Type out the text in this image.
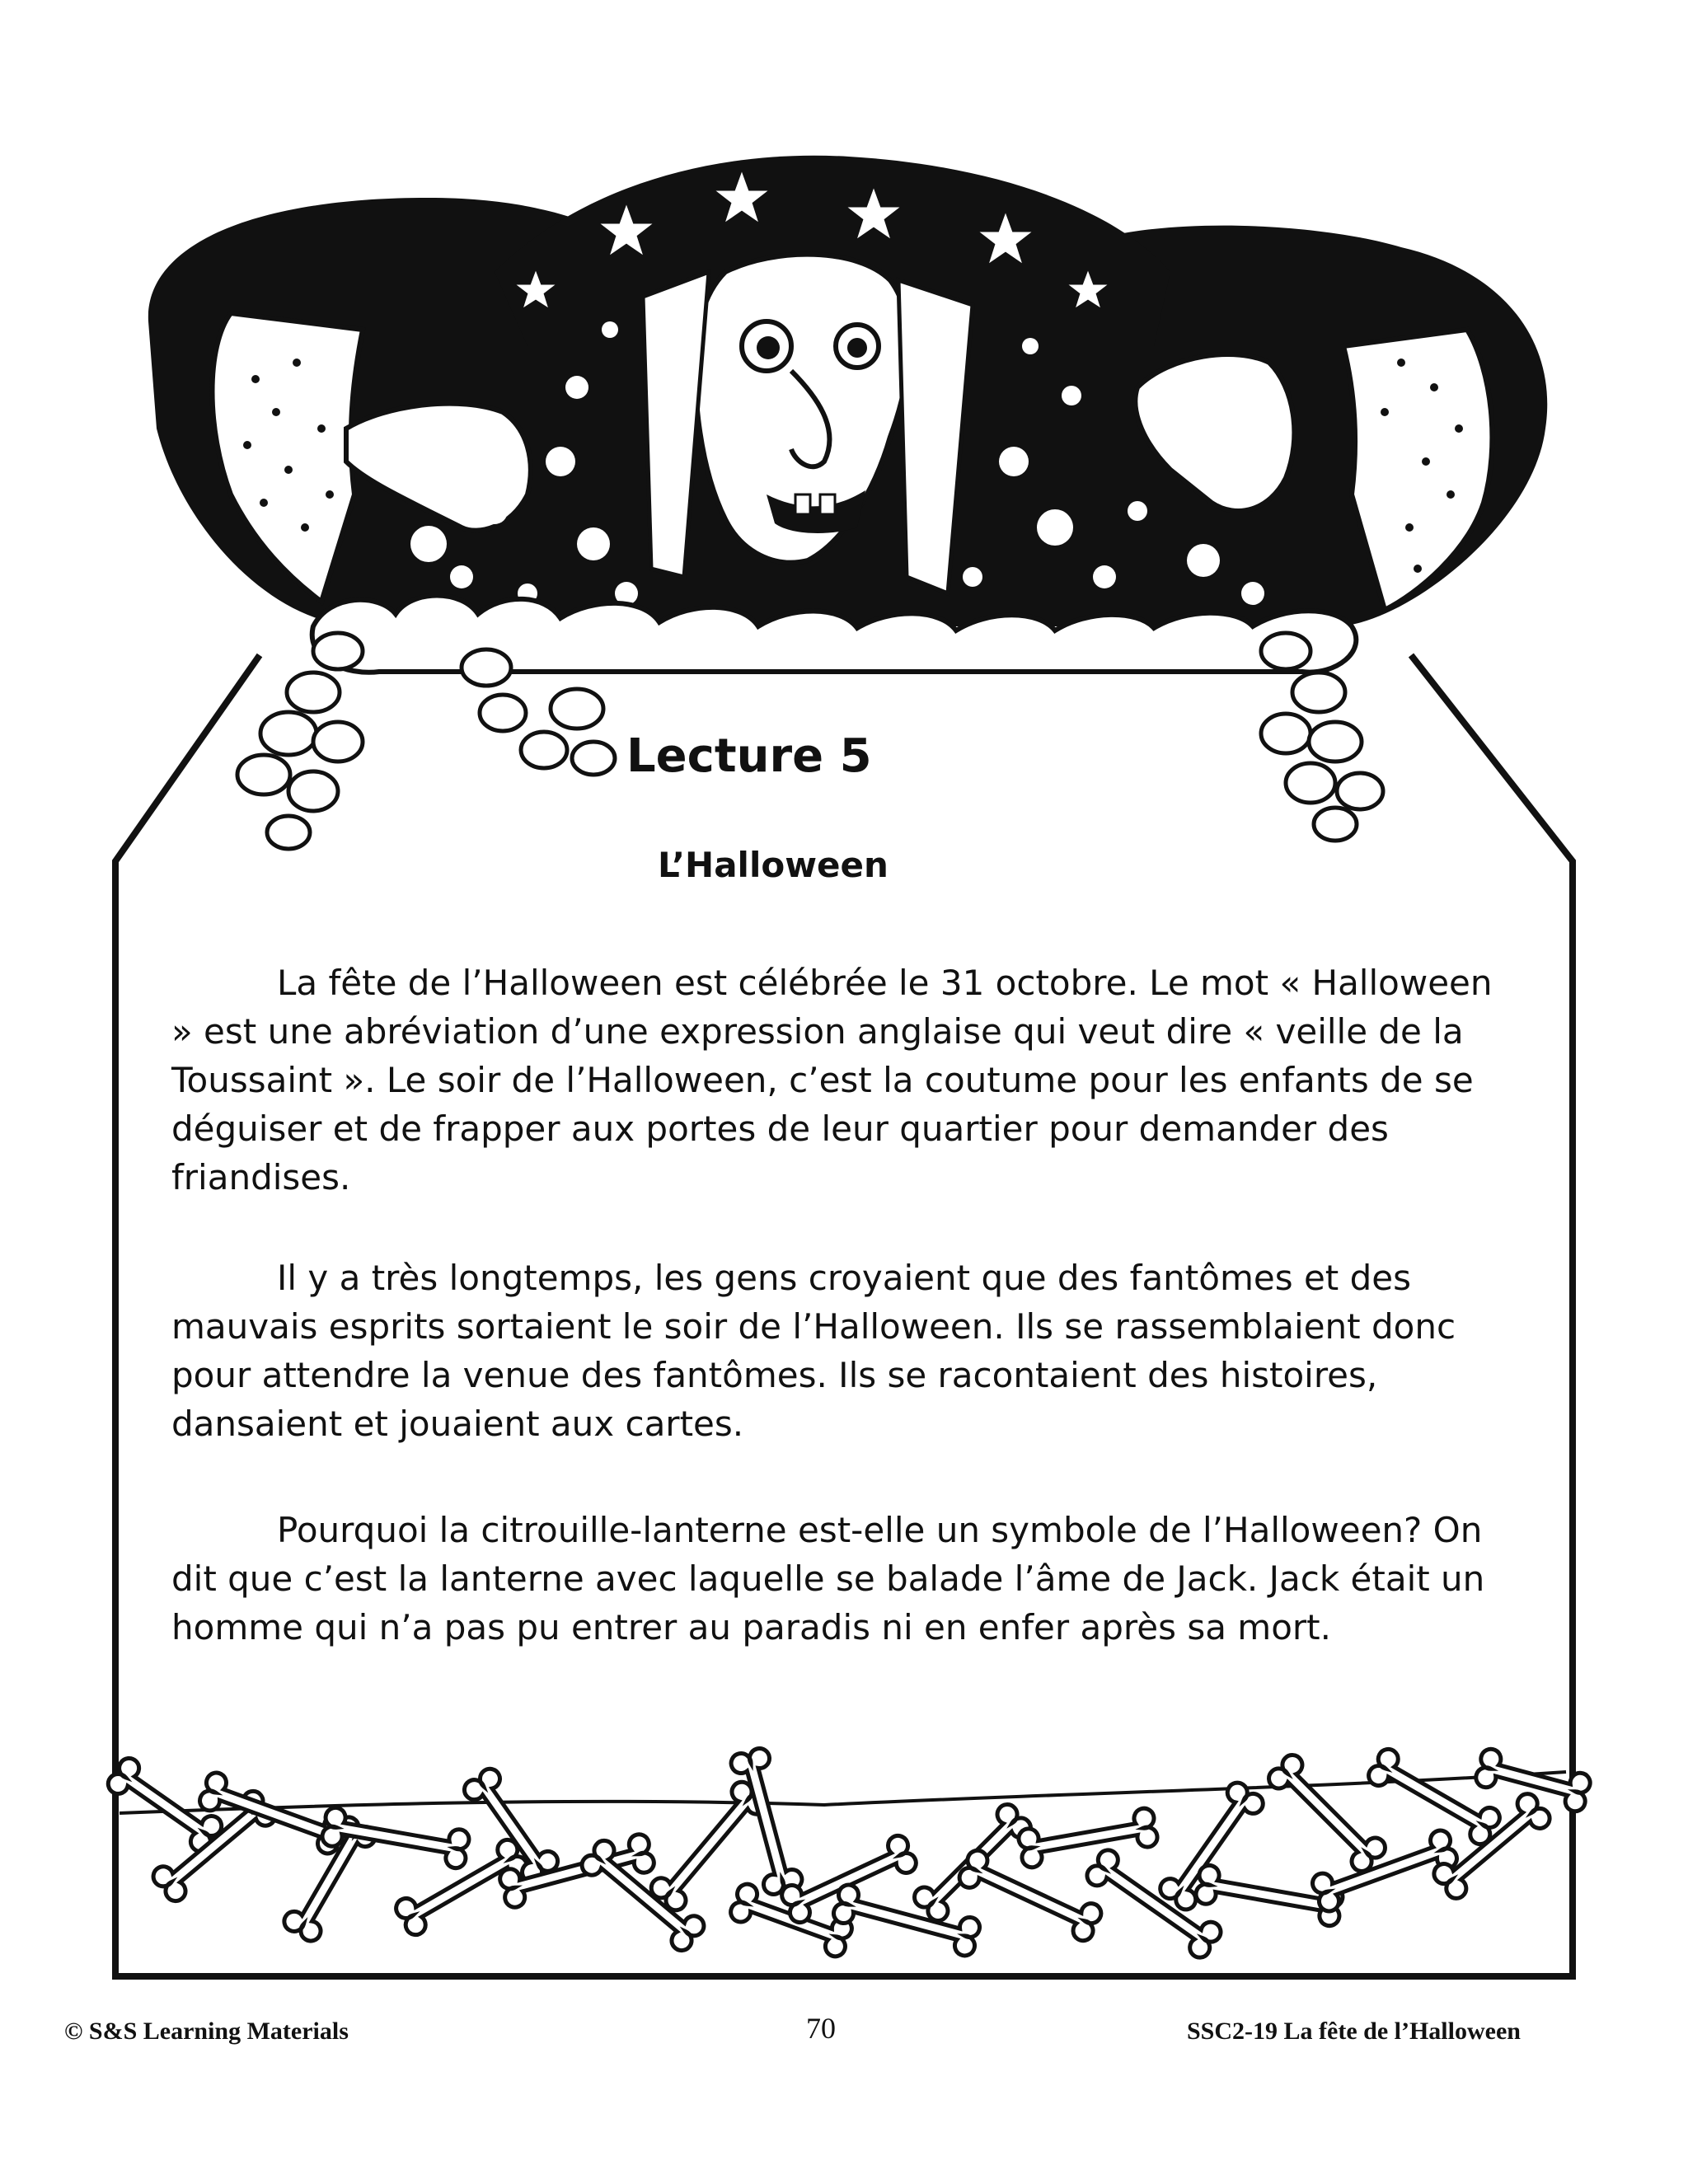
Lecture 5
L’Halloween

La fête de l’Halloween est célébrée le 31 octobre. Le mot « Halloween » est une abréviation d’une expression anglaise qui veut dire « veille de la Toussaint ». Le soir de l’Halloween, c’est la coutume pour les enfants de se déguiser et de frapper aux portes de leur quartier pour demander des friandises.

Il y a très longtemps, les gens croyaient que des fantômes et des mauvais esprits sortaient le soir de l’Halloween. Ils se rassemblaient donc pour attendre la venue des fantômes. Ils se racontaient des histoires, dansaient et jouaient aux cartes.

Pourquoi la citrouille-lanterne est-elle un symbole de l’Halloween? On dit que c’est la lanterne avec laquelle se balade l’âme de Jack. Jack était un homme qui n’a pas pu entrer au paradis ni en enfer après sa mort.

© S&S Learning Materials	70	SSC2-19 La fête de l’Halloween
